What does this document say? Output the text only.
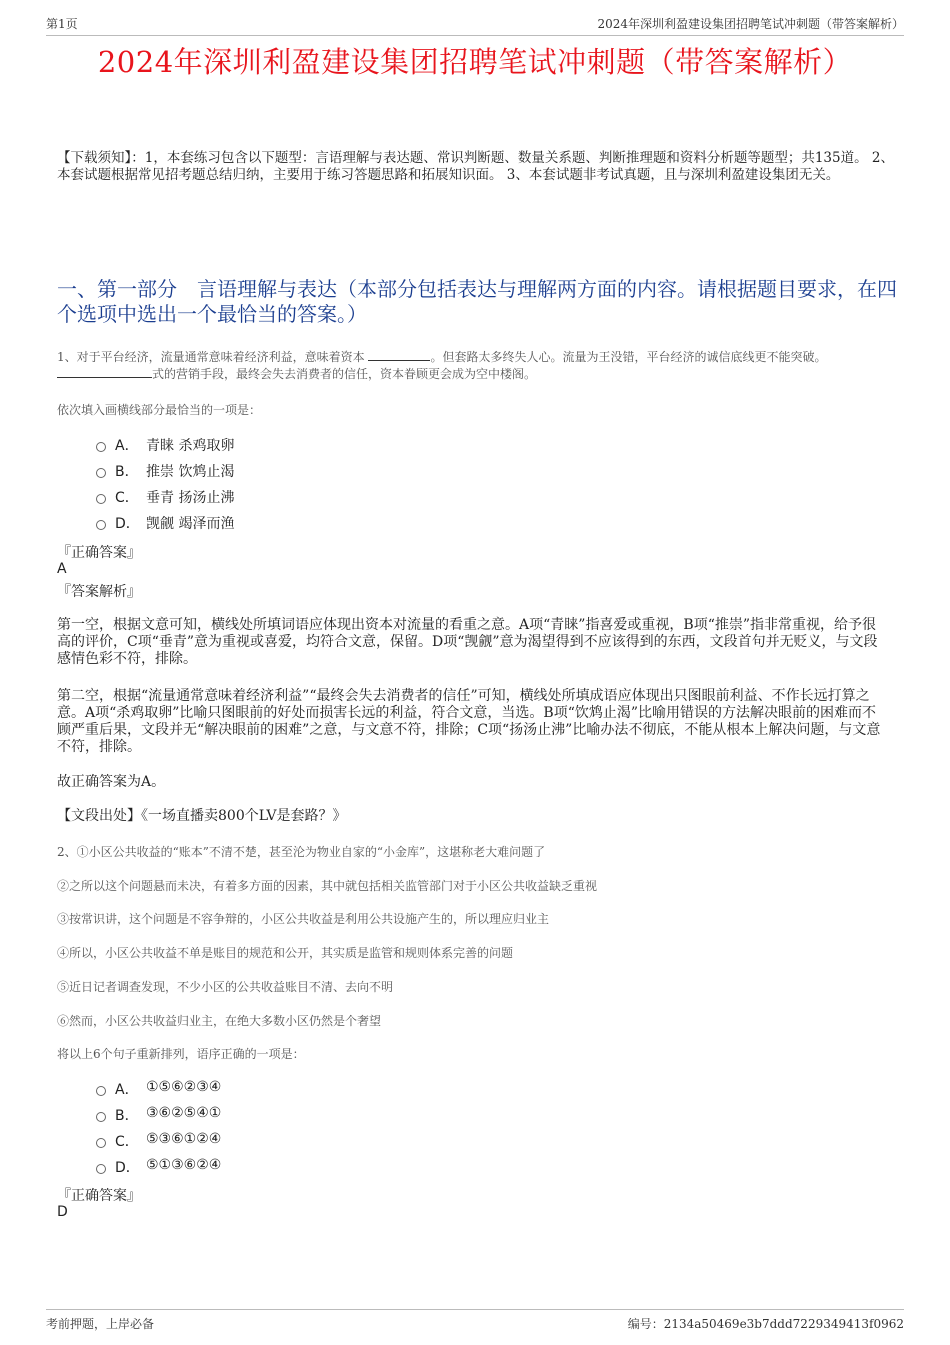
第1页	2024年深圳利盈建设集团招聘笔试冲刺题（带答案解析）
2024年深圳利盈建设集团招聘笔试冲刺题（带答案解析）
【下载须知】：1，本套练习包含以下题型：言语理解与表达题、常识判断题、数量关系题、判断推理题和资料分析题等题型；共135道。 2、本套试题根据常见招考题总结归纳，主要用于练习答题思路和拓展知识面。 3、本套试题非考试真题，且与深圳利盈建设集团无关。
一、第一部分　言语理解与表达（本部分包括表达与理解两方面的内容。请根据题目要求，在四个选项中选出一个最恰当的答案。）
1、对于平台经济，流量通常意味着经济利益，意味着资本	。但套路太多终失人心。流量为王没错，平台经济的诚信底线更不能突破。 式的营销手段，最终会失去消费者的信任，资本眷顾更会成为空中楼阁。
依次填入画横线部分最恰当的一项是：
A． 青睐 杀鸡取卵
B． 推崇 饮鸩止渴
C． 垂青 扬汤止沸
D． 觊觎 竭泽而渔
『正确答案』
A
『答案解析』
第一空，根据文意可知，横线处所填词语应体现出资本对流量的看重之意。A项“青睐”指喜爱或重视，B项“推崇”指非常重视，给予很高的评价，C项“垂青”意为重视或喜爱，均符合文意，保留。D项“觊觎”意为渴望得到不应该得到的东西，文段首句并无贬义，与文段感情色彩不符，排除。
第二空，根据“流量通常意味着经济利益”“最终会失去消费者的信任”可知，横线处所填成语应体现出只图眼前利益、不作长远打算之意。A项“杀鸡取卵”比喻只图眼前的好处而损害长远的利益，符合文意，当选。B项“饮鸩止渴”比喻用错误的方法解决眼前的困难而不顾严重后果，文段并无“解决眼前的困难”之意，与文意不符，排除；C项“扬汤止沸”比喻办法不彻底，不能从根本上解决问题，与文意不符，排除。
故正确答案为A。
【文段出处】《一场直播卖800个LV是套路？》
2、①小区公共收益的“账本”不清不楚，甚至沦为物业自家的“小金库”，这堪称老大难问题了
②之所以这个问题悬而未决，有着多方面的因素，其中就包括相关监管部门对于小区公共收益缺乏重视
③按常识讲，这个问题是不容争辩的，小区公共收益是利用公共设施产生的，所以理应归业主
④所以，小区公共收益不单是账目的规范和公开，其实质是监管和规则体系完善的问题
⑤近日记者调查发现，不少小区的公共收益账目不清、去向不明
⑥然而，小区公共收益归业主，在绝大多数小区仍然是个奢望
将以上6个句子重新排列，语序正确的一项是：
A． ①⑤⑥②③④
B． ③⑥②⑤④①
C． ⑤③⑥①②④
D． ⑤①③⑥②④
『正确答案』
D
考前押题，上岸必备	编号：2134a50469e3b7ddd7229349413f0962
